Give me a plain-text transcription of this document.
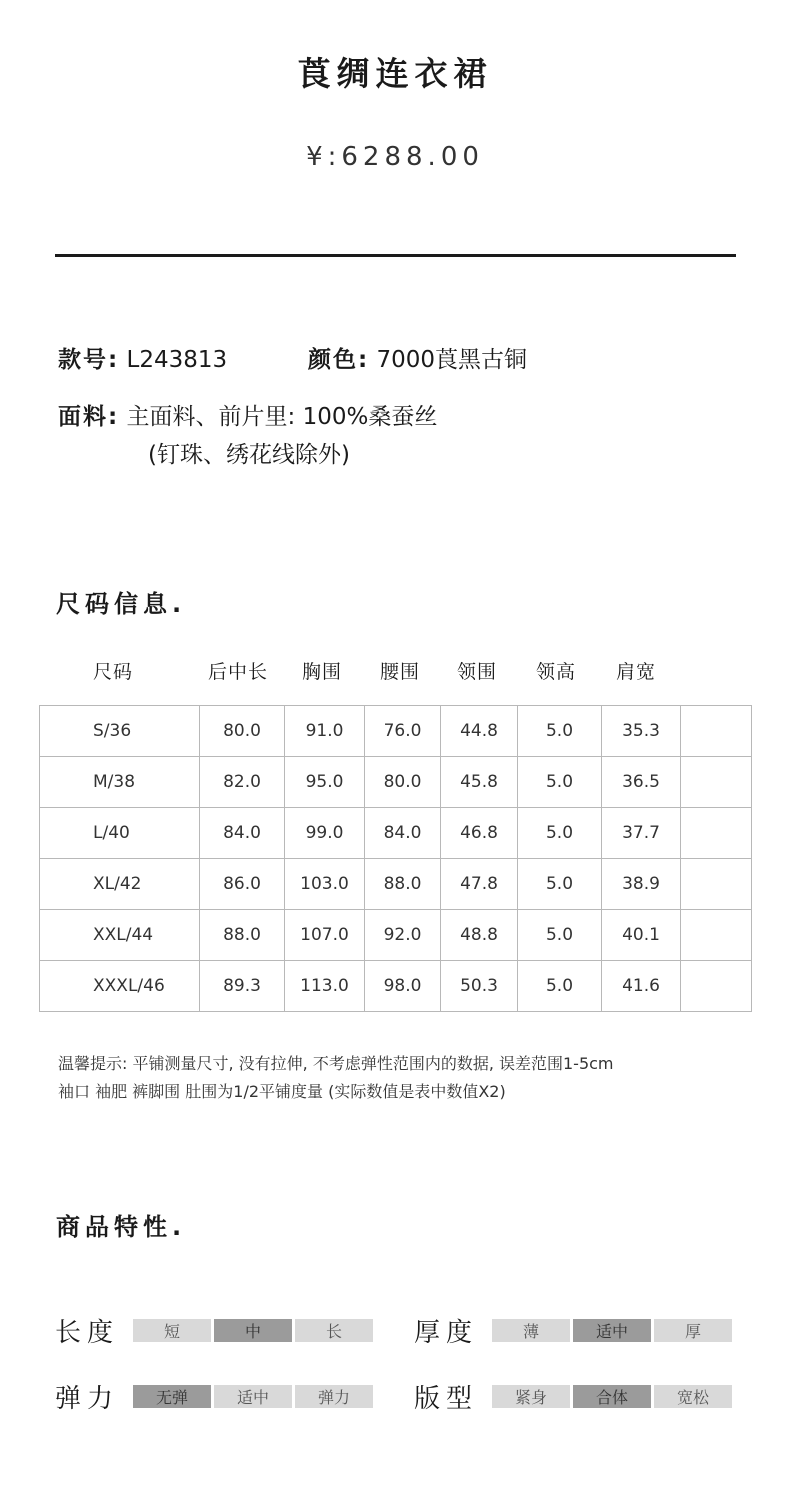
莨绸连衣裙
¥:6288.00
款号: L243813	颜色: 7000莨黑古铜
面料: 主面料、前片里: 100%桑蚕丝
(钉珠、绣花线除外)
尺码信息.
尺码	后中长 胸围 腰围 领围 领高 肩宽
S/36	80.0	91.0	76.0	44.8	5.0	35.3	
M/38	82.0	95.0	80.0	45.8	5.0	36.5	
L/40	84.0	99.0	84.0	46.8	5.0	37.7	
XL/42	86.0	103.0	88.0	47.8	5.0	38.9	
XXL/44	88.0	107.0	92.0	48.8	5.0	40.1	
XXXL/46	89.3	113.0	98.0	50.3	5.0	41.6	
温馨提示: 平铺测量尺寸, 没有拉伸, 不考虑弹性范围内的数据, 误差范围1-5cm
袖口 袖肥 裤脚围 肚围为1/2平铺度量 (实际数值是表中数值X2)
商品特性.
长度	短	中	长	厚度	薄	适中	厚
弹力	无弹	适中	弹力	版型	紧身	合体	宽松
